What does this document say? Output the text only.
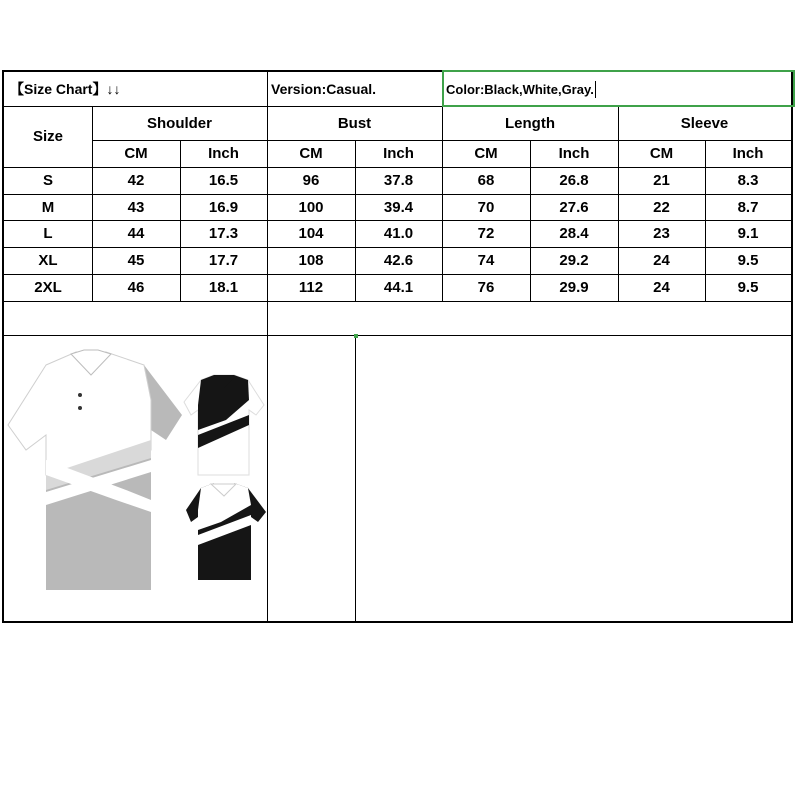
【Size Chart】↓↓	Version:Casual.	Color:Black,White,Gray.
Size
Shoulder	Bust	Length	Sleeve
CM	Inch	CM	Inch	CM	Inch	CM	Inch
S	42	16.5	96	37.8	68	26.8	21	8.3
M	43	16.9	100	39.4	70	27.6	22	8.7
L	44	17.3	104	41.0	72	28.4	23	9.1
XL	45	17.7	108	42.6	74	29.2	24	9.5
2XL	46	18.1	112	44.1	76	29.9	24	9.5
